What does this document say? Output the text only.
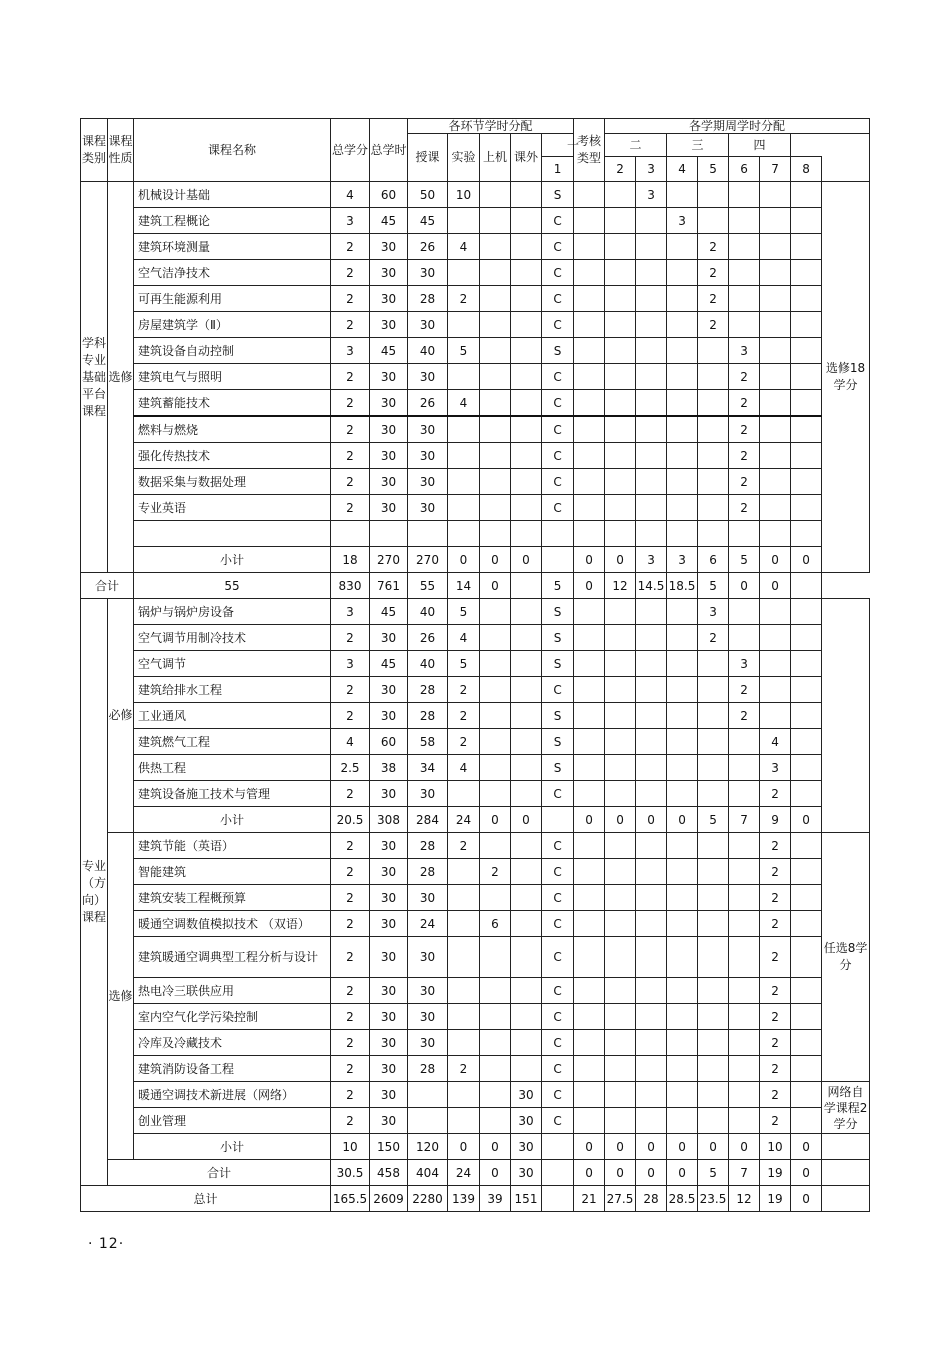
课程类别	课程性质	课程名称	总学分	总学时	各环节学时分配					考核类型	各学期周学时分配	
					授课	实验	上机	课外	一		二		三		四				
									1		2	3	4	5	6	7	8		
学科专业基础平台课程	选修	机械设计基础	4	60	50	10			S			3						选修18学分	
		建筑工程概论	3	45	45				C				3						
		建筑环境测量	2	30	26	4			C					2					
		空气洁净技术	2	30	30				C					2					
		可再生能源利用	2	30	28	2			C					2					
		房屋建筑学（Ⅱ）	2	30	30				C					2					
		建筑设备自动控制	3	45	40	5			S						3				
		建筑电气与照明	2	30	30				C						2				
		建筑蓄能技术	2	30	26	4			C						2				
		燃料与燃烧	2	30	30				C						2				
		强化传热技术	2	30	30				C						2				
		数据采集与数据处理	2	30	30				C						2				
		专业英语	2	30	30				C						2				

		小计	18	270	270	0	0	0		0	0	3	3	6	5	0	0		
合计		55	830	761	55	14	0		5	0	12	14.5	18.5	5	0	0			
专业（方向）课程	必修	锅炉与锅炉房设备	3	45	40	5			S					3					
		空气调节用制冷技术	2	30	26	4			S					2					
		空气调节	3	45	40	5			S						3				
		建筑给排水工程	2	30	28	2			C						2				
		工业通风	2	30	28	2			S						2				
		建筑燃气工程	4	60	58	2			S							4			
		供热工程	2.5	38	34	4			S							3			
		建筑设备施工技术与管理	2	30	30				C							2			
		小计	20.5	308	284	24	0	0		0	0	0	0	5	7	9	0		
	选修	建筑节能（英语）	2	30	28	2			C							2		任选8学分	
		智能建筑	2	30	28		2		C							2			
		建筑安装工程概预算	2	30	30				C							2			
		暖通空调数值模拟技术 （双语）	2	30	24		6		C							2			
		建筑暖通空调典型工程分析与设计	2	30	30				C							2			
		热电冷三联供应用	2	30	30				C							2			
		室内空气化学污染控制	2	30	30				C							2			
		冷库及冷藏技术	2	30	30				C							2			
		建筑消防设备工程	2	30	28	2			C							2			
		暖通空调技术新进展（网络）	2	30				30	C							2		网络自学课程2学分	
		创业管理	2	30				30	C							2			
		小计	10	150	120	0	0	30		0	0	0	0	0	0	10	0		
	合计		30.5	458	404	24	0	30		0	0	0	0	5	7	19	0		
总计			165.5	2609	2280	139	39	151		21	27.5	28	28.5	23.5	12	19	0		
· 12·
